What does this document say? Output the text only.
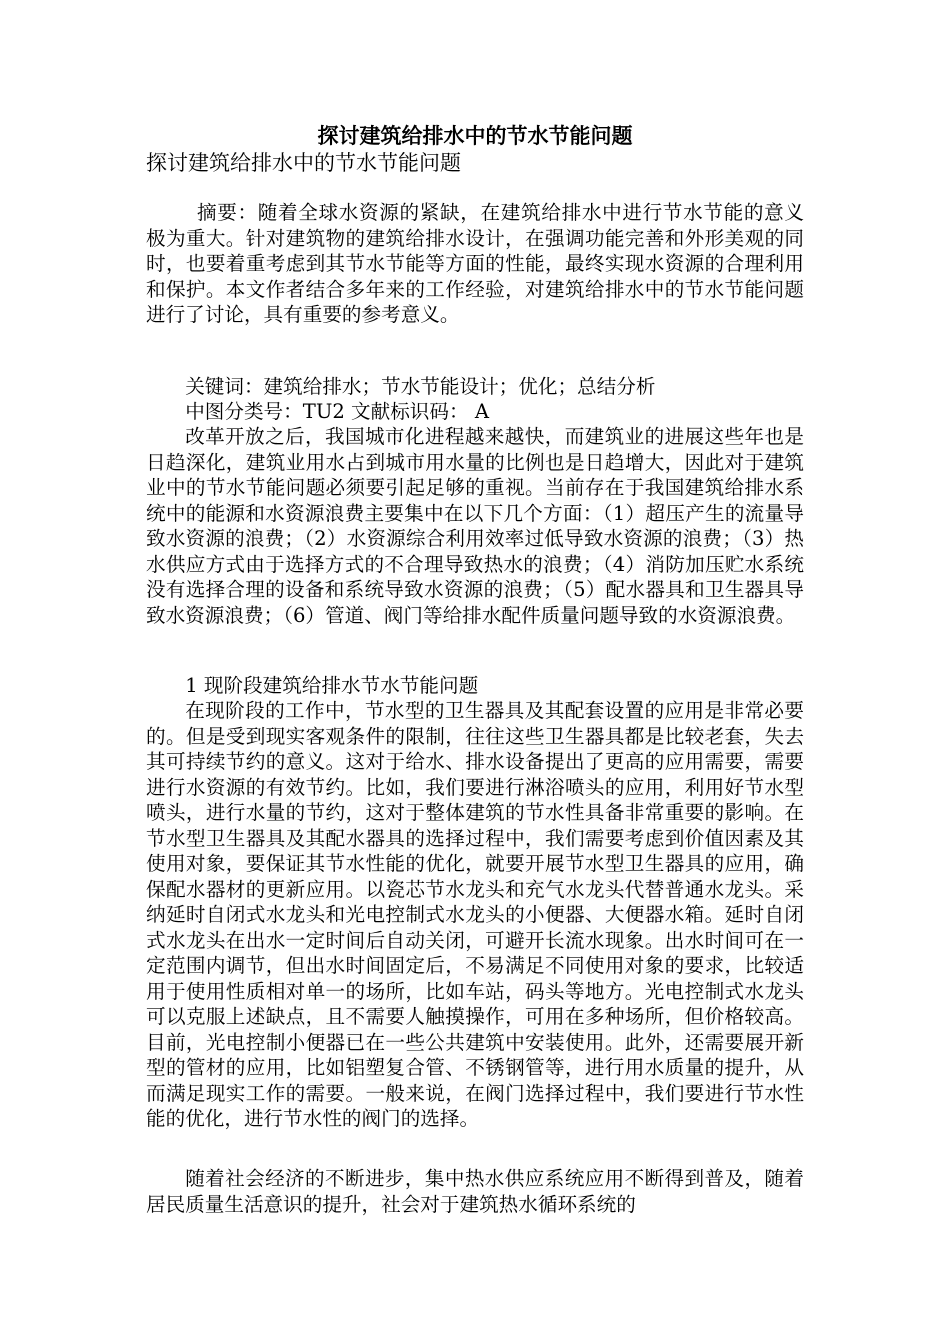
探讨建筑给排水中的节水节能问题
探讨建筑给排水中的节水节能问题

摘要：随着全球水资源的紧缺，在建筑给排水中进行节水节能的意义极为重大。针对建筑物的建筑给排水设计，在强调功能完善和外形美观的同时，也要着重考虑到其节水节能等方面的性能，最终实现水资源的合理利用和保护。本文作者结合多年来的工作经验，对建筑给排水中的节水节能问题进行了讨论，具有重要的参考意义。

关键词：建筑给排水；节水节能设计；优化；总结分析

中图分类号：TU2 文献标识码： A

改革开放之后，我国城市化进程越来越快，而建筑业的进展这些年也是日趋深化，建筑业用水占到城市用水量的比例也是日趋增大，因此对于建筑业中的节水节能问题必须要引起足够的重视。当前存在于我国建筑给排水系统中的能源和水资源浪费主要集中在以下几个方面：（1）超压产生的流量导致水资源的浪费；（2）水资源综合利用效率过低导致水资源的浪费；（3）热水供应方式由于选择方式的不合理导致热水的浪费；（4）消防加压贮水系统没有选择合理的设备和系统导致水资源的浪费；（5）配水器具和卫生器具导致水资源浪费；（6）管道、阀门等给排水配件质量问题导致的水资源浪费。

1 现阶段建筑给排水节水节能问题

在现阶段的工作中，节水型的卫生器具及其配套设置的应用是非常必要的。但是受到现实客观条件的限制，往往这些卫生器具都是比较老套，失去其可持续节约的意义。这对于给水、排水设备提出了更高的应用需要，需要进行水资源的有效节约。比如，我们要进行淋浴喷头的应用，利用好节水型喷头，进行水量的节约，这对于整体建筑的节水性具备非常重要的影响。在节水型卫生器具及其配水器具的选择过程中，我们需要考虑到价值因素及其使用对象，要保证其节水性能的优化，就要开展节水型卫生器具的应用，确保配水器材的更新应用。以瓷芯节水龙头和充气水龙头代替普通水龙头。采纳延时自闭式水龙头和光电控制式水龙头的小便器、大便器水箱。延时自闭式水龙头在出水一定时间后自动关闭，可避开长流水现象。出水时间可在一定范围内调节，但出水时间固定后，不易满足不同使用对象的要求，比较适用于使用性质相对单一的场所，比如车站，码头等地方。光电控制式水龙头可以克服上述缺点，且不需要人触摸操作，可用在多种场所，但价格较高。目前，光电控制小便器已在一些公共建筑中安装使用。此外，还需要展开新型的管材的应用，比如铝塑复合管、不锈钢管等，进行用水质量的提升，从而满足现实工作的需要。一般来说，在阀门选择过程中，我们要进行节水性能的优化，进行节水性的阀门的选择。

随着社会经济的不断进步，集中热水供应系统应用不断得到普及，随着居民质量生活意识的提升，社会对于建筑热水循环系统的
